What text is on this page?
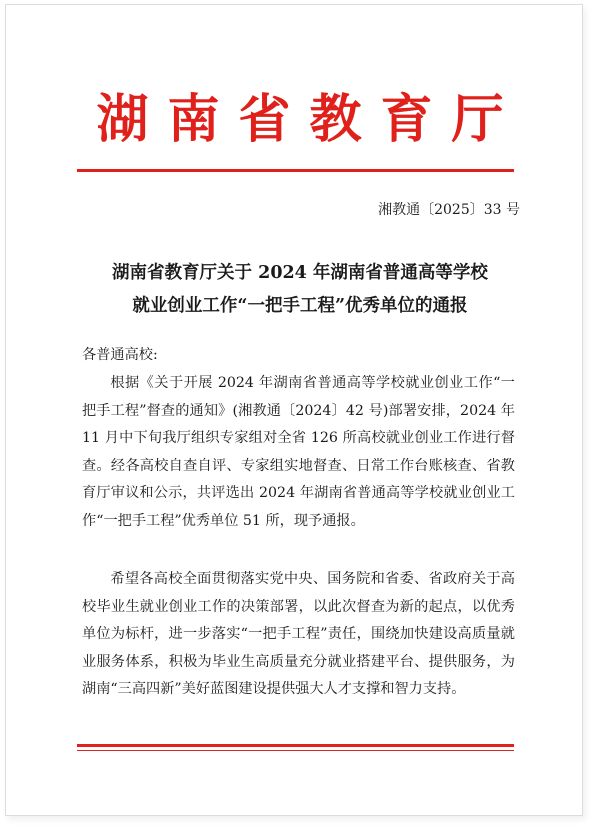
湖南省教育厅
湘教通〔2025〕33 号
湖南省教育厅关于 2024 年湖南省普通高等学校
就业创业工作“一把手工程”优秀单位的通报
各普通高校:
根据《关于开展 2024 年湖南省普通高等学校就业创业工作“一把手工程”督查的通知》(湘教通〔2024〕42 号)部署安排，2024 年 11 月中下旬我厅组织专家组对全省 126 所高校就业创业工作进行督查。经各高校自查自评、专家组实地督查、日常工作台账核查、省教育厅审议和公示，共评选出 2024 年湖南省普通高等学校就业创业工作“一把手工程”优秀单位 51 所，现予通报。
希望各高校全面贯彻落实党中央、国务院和省委、省政府关于高校毕业生就业创业工作的决策部署，以此次督查为新的起点，以优秀单位为标杆，进一步落实“一把手工程”责任，围绕加快建设高质量就业服务体系，积极为毕业生高质量充分就业搭建平台、提供服务，为湖南“三高四新”美好蓝图建设提供强大人才支撑和智力支持。
